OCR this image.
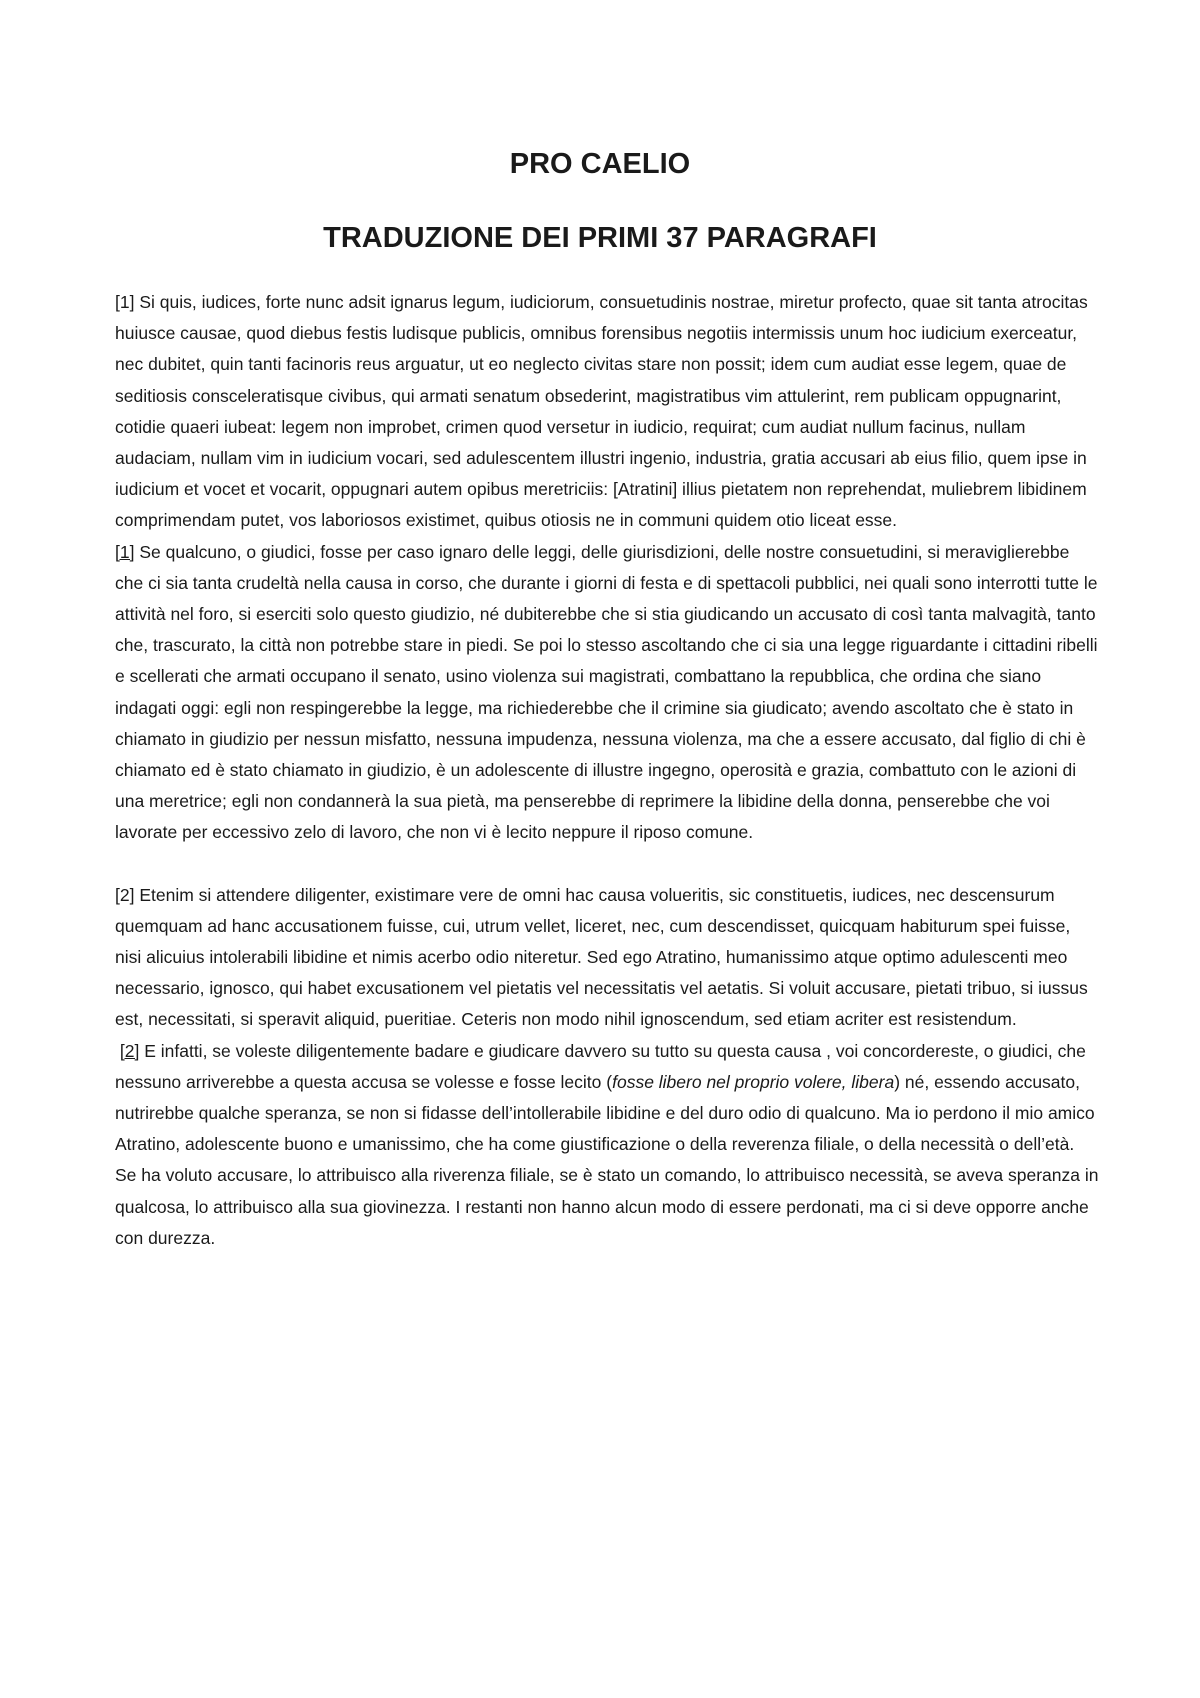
PRO CAELIO
TRADUZIONE DEI PRIMI 37 PARAGRAFI

[1] Si quis, iudices, forte nunc adsit ignarus legum, iudiciorum, consuetudinis nostrae, miretur profecto, quae sit tanta atrocitas huiusce causae, quod diebus festis ludisque publicis, omnibus forensibus negotiis intermissis unum hoc iudicium exerceatur, nec dubitet, quin tanti facinoris reus arguatur, ut eo neglecto civitas stare non possit; idem cum audiat esse legem, quae de seditiosis consceleratisque civibus, qui armati senatum obsederint, magistratibus vim attulerint, rem publicam oppugnarint, cotidie quaeri iubeat: legem non improbet, crimen quod versetur in iudicio, requirat; cum audiat nullum facinus, nullam audaciam, nullam vim in iudicium vocari, sed adulescentem illustri ingenio, industria, gratia accusari ab eius filio, quem ipse in iudicium et vocet et vocarit, oppugnari autem opibus meretriciis: [Atratini] illius pietatem non reprehendat, muliebrem libidinem comprimendam putet, vos laboriosos existimet, quibus otiosis ne in communi quidem otio liceat esse.

[1] Se qualcuno, o giudici, fosse per caso ignaro delle leggi, delle giurisdizioni, delle nostre consuetudini, si meraviglierebbe che ci sia tanta crudeltà nella causa in corso, che durante i giorni di festa e di spettacoli pubblici, nei quali sono interrotti tutte le attività nel foro, si eserciti solo questo giudizio, né dubiterebbe che si stia giudicando un accusato di così tanta malvagità, tanto che, trascurato, la città non potrebbe stare in piedi. Se poi lo stesso ascoltando che ci sia una legge riguardante i cittadini ribelli e scellerati che armati occupano il senato, usino violenza sui magistrati, combattano la repubblica, che ordina che siano indagati oggi: egli non respingerebbe la legge, ma richiederebbe che il crimine sia giudicato; avendo ascoltato che è stato in chiamato in giudizio per nessun misfatto, nessuna impudenza, nessuna violenza, ma che a essere accusato, dal figlio di chi è chiamato ed è stato chiamato in giudizio, è un adolescente di illustre ingegno, operosità e grazia, combattuto con le azioni di una meretrice; egli non condannerà la sua pietà, ma penserebbe di reprimere la libidine della donna, penserebbe che voi lavorate per eccessivo zelo di lavoro, che non vi è lecito neppure il riposo comune.

[2] Etenim si attendere diligenter, existimare vere de omni hac causa volueritis, sic constituetis, iudices, nec descensurum quemquam ad hanc accusationem fuisse, cui, utrum vellet, liceret, nec, cum descendisset, quicquam habiturum spei fuisse, nisi alicuius intolerabili libidine et nimis acerbo odio niteretur. Sed ego Atratino, humanissimo atque optimo adulescenti meo necessario, ignosco, qui habet excusationem vel pietatis vel necessitatis vel aetatis. Si voluit accusare, pietati tribuo, si iussus est, necessitati, si speravit aliquid, pueritiae. Ceteris non modo nihil ignoscendum, sed etiam acriter est resistendum.

[2] E infatti, se voleste diligentemente badare e giudicare davvero su tutto su questa causa , voi concordereste, o giudici, che nessuno arriverebbe a questa accusa se volesse e fosse lecito (fosse libero nel proprio volere, libera) né, essendo accusato, nutrirebbe qualche speranza, se non si fidasse dell’intollerabile libidine e del duro odio di qualcuno. Ma io perdono il mio amico Atratino, adolescente buono e umanissimo, che ha come giustificazione o della reverenza filiale, o della necessità o dell’età. Se ha voluto accusare, lo attribuisco alla riverenza filiale, se è stato un comando, lo attribuisco necessità, se aveva speranza in qualcosa, lo attribuisco alla sua giovinezza. I restanti non hanno alcun modo di essere perdonati, ma ci si deve opporre anche con durezza.
